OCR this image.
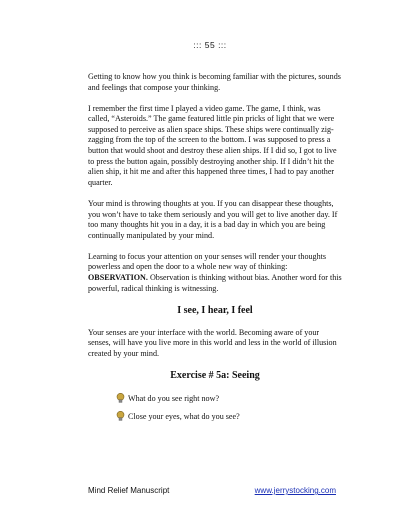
::: 55 :::

Getting to know how you think is becoming familiar with the pictures, sounds and feelings that compose your thinking.

I remember the first time I played a video game. The game, I think, was called, “Asteroids.” The game featured little pin pricks of light that we were supposed to perceive as alien space ships. These ships were continually zig-zagging from the top of the screen to the bottom. I was supposed to press a button that would shoot and destroy these alien ships. If I did so, I got to live to press the button again, possibly destroying another ship. If I didn’t hit the alien ship, it hit me and after this happened three times, I had to pay another quarter.

Your mind is throwing thoughts at you. If you can disappear these thoughts, you won’t have to take them seriously and you will get to live another day. If too many thoughts hit you in a day, it is a bad day in which you are being continually manipulated by your mind.

Learning to focus your attention on your senses will render your thoughts powerless and open the door to a whole new way of thinking: OBSERVATION. Observation is thinking without bias. Another word for this powerful, radical thinking is witnessing.

I see, I hear, I feel

Your senses are your interface with the world. Becoming aware of your senses, will have you live more in this world and less in the world of illusion created by your mind.

Exercise # 5a: Seeing
What do you see right now?
Close your eyes, what do you see?
Mind Relief Manuscript	www.jerrystocking.com
